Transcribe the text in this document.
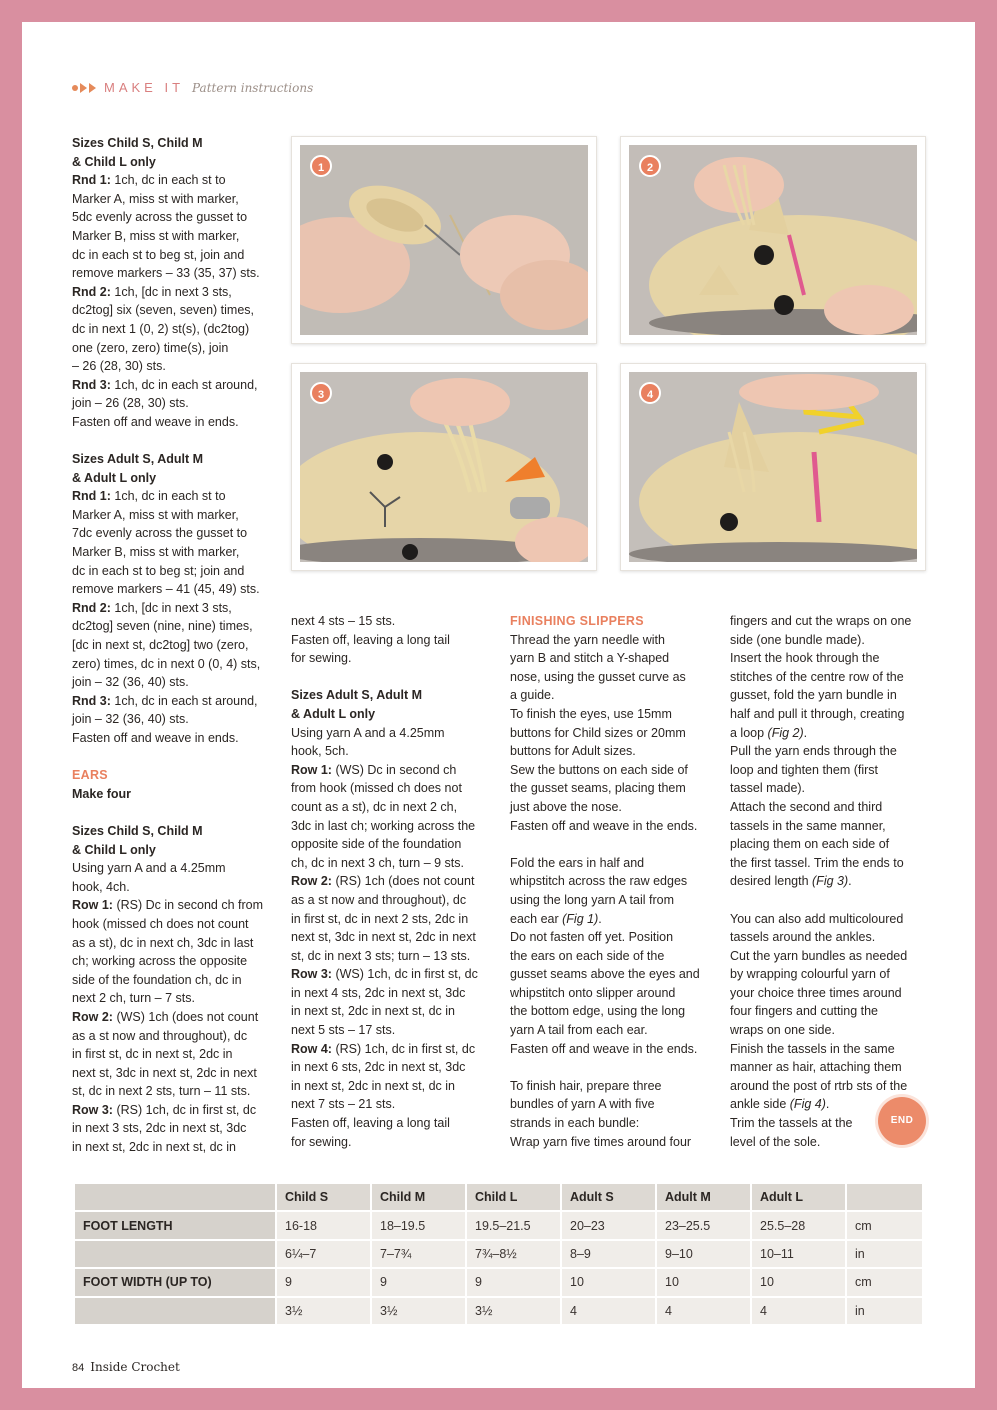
MAKE IT Pattern instructions

Sizes Child S, Child M

& Child L only

Rnd 1: 1ch, dc in each st to

Marker A, miss st with marker,

5dc evenly across the gusset to

Marker B, miss st with marker,

dc in each st to beg st, join and

remove markers – 33 (35, 37) sts.

Rnd 2: 1ch, [dc in next 3 sts,

dc2tog] six (seven, seven) times,

dc in next 1 (0, 2) st(s), (dc2tog)

one (zero, zero) time(s), join

– 26 (28, 30) sts.

Rnd 3: 1ch, dc in each st around,

join – 26 (28, 30) sts.

Fasten off and weave in ends.

Sizes Adult S, Adult M

& Adult L only

Rnd 1: 1ch, dc in each st to

Marker A, miss st with marker,

7dc evenly across the gusset to

Marker B, miss st with marker,

dc in each st to beg st; join and

remove markers – 41 (45, 49) sts.

Rnd 2: 1ch, [dc in next 3 sts,

dc2tog] seven (nine, nine) times,

[dc in next st, dc2tog] two (zero,

zero) times, dc in next 0 (0, 4) sts,

join – 32 (36, 40) sts.

Rnd 3: 1ch, dc in each st around,

join – 32 (36, 40) sts.

Fasten off and weave in ends.

EARS

Make four

Sizes Child S, Child M

& Child L only

Using yarn A and a 4.25mm

hook, 4ch.

Row 1: (RS) Dc in second ch from

hook (missed ch does not count

as a st), dc in next ch, 3dc in last

ch; working across the opposite

side of the foundation ch, dc in

next 2 ch, turn – 7 sts.

Row 2: (WS) 1ch (does not count

as a st now and throughout), dc

in first st, dc in next st, 2dc in

next st, 3dc in next st, 2dc in next

st, dc in next 2 sts, turn – 11 sts.

Row 3: (RS) 1ch, dc in first st, dc

in next 3 sts, 2dc in next st, 3dc

in next st, 2dc in next st, dc in

next 4 sts – 15 sts.

Fasten off, leaving a long tail

for sewing.

Sizes Adult S, Adult M

& Adult L only

Using yarn A and a 4.25mm

hook, 5ch.

Row 1: (WS) Dc in second ch

from hook (missed ch does not

count as a st), dc in next 2 ch,

3dc in last ch; working across the

opposite side of the foundation

ch, dc in next 3 ch, turn – 9 sts.

Row 2: (RS) 1ch (does not count

as a st now and throughout), dc

in first st, dc in next 2 sts, 2dc in

next st, 3dc in next st, 2dc in next

st, dc in next 3 sts; turn – 13 sts.

Row 3: (WS) 1ch, dc in first st, dc

in next 4 sts, 2dc in next st, 3dc

in next st, 2dc in next st, dc in

next 5 sts – 17 sts.

Row 4: (RS) 1ch, dc in first st, dc

in next 6 sts, 2dc in next st, 3dc

in next st, 2dc in next st, dc in

next 7 sts – 21 sts.

Fasten off, leaving a long tail

for sewing.

FINISHING SLIPPERS

Thread the yarn needle with

yarn B and stitch a Y-shaped

nose, using the gusset curve as

a guide.

To finish the eyes, use 15mm

buttons for Child sizes or 20mm

buttons for Adult sizes.

Sew the buttons on each side of

the gusset seams, placing them

just above the nose.

Fasten off and weave in the ends.

Fold the ears in half and

whipstitch across the raw edges

using the long yarn A tail from

each ear (Fig 1).

Do not fasten off yet. Position

the ears on each side of the

gusset seams above the eyes and

whipstitch onto slipper around

the bottom edge, using the long

yarn A tail from each ear.

Fasten off and weave in the ends.

To finish hair, prepare three

bundles of yarn A with five

strands in each bundle:

Wrap yarn five times around four

fingers and cut the wraps on one

side (one bundle made).

Insert the hook through the

stitches of the centre row of the

gusset, fold the yarn bundle in

half and pull it through, creating

a loop (Fig 2).

Pull the yarn ends through the

loop and tighten them (first

tassel made).

Attach the second and third

tassels in the same manner,

placing them on each side of

the first tassel. Trim the ends to

desired length (Fig 3).

You can also add multicoloured

tassels around the ankles.

Cut the yarn bundles as needed

by wrapping colourful yarn of

your choice three times around

four fingers and cutting the

wraps on one side.

Finish the tassels in the same

manner as hair, attaching them

around the post of rtrb sts of the

ankle side (Fig 4).

Trim the tassels at the

level of the sole.

1	2
3	4
END
	Child S	Child M	Child L	Adult S	Adult M	Adult L	
FOOT LENGTH	16-18	18–19.5	19.5–21.5	20–23	23–25.5	25.5–28	cm
	6¼–7	7–7¾	7¾–8½	8–9	9–10	10–11	in
FOOT WIDTH (UP TO)	9	9	9	10	10	10	cm
	3½	3½	3½	4	4	4	in
84 Inside Crochet
